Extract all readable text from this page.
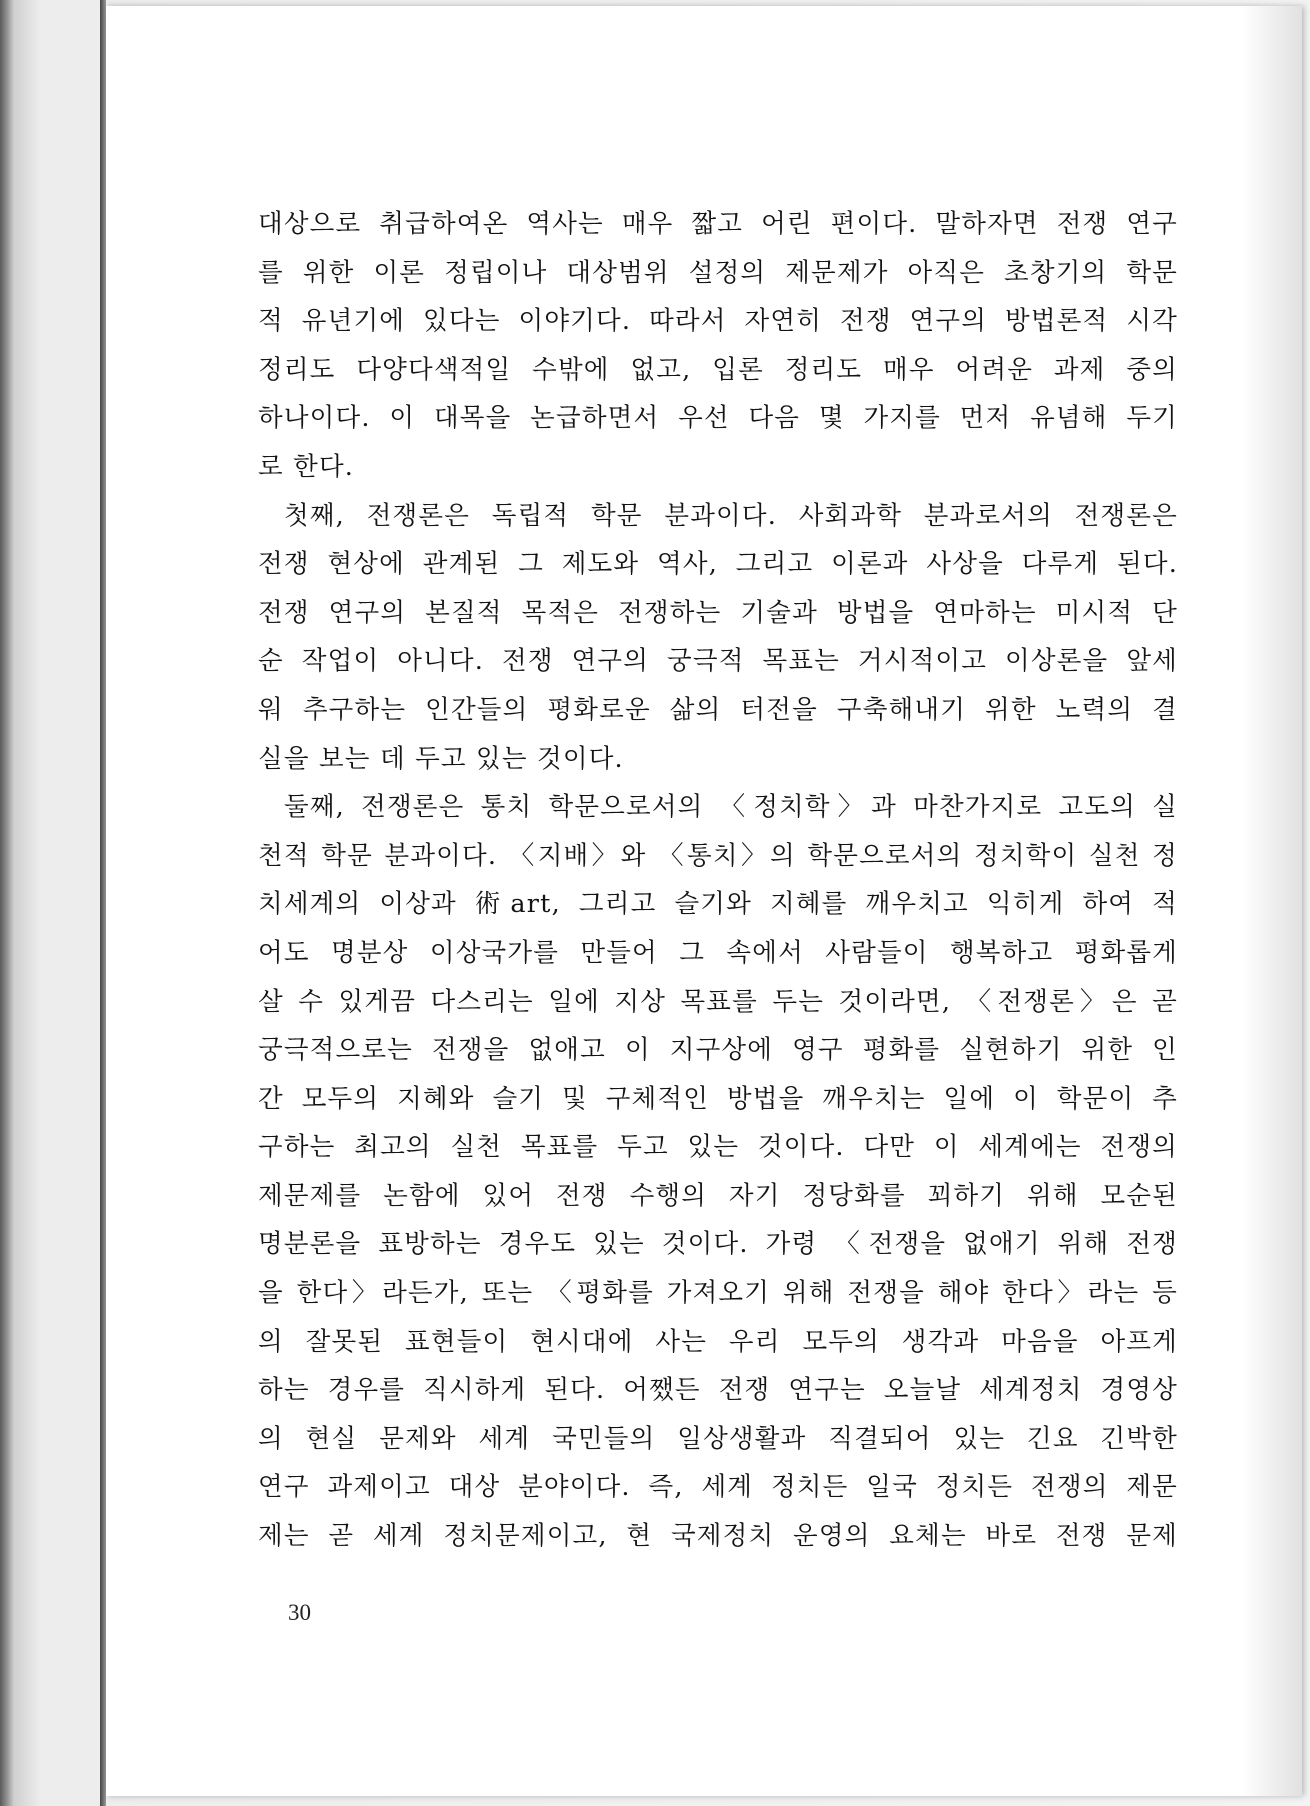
대상으로 취급하여온 역사는 매우 짧고 어린 편이다. 말하자면 전쟁 연구
를 위한 이론 정립이나 대상범위 설정의 제문제가 아직은 초창기의 학문
적 유년기에 있다는 이야기다. 따라서 자연히 전쟁 연구의 방법론적 시각
정리도 다양다색적일 수밖에 없고, 입론 정리도 매우 어려운 과제 중의
하나이다. 이 대목을 논급하면서 우선 다음 몇 가지를 먼저 유념해 두기
로 한다.
첫째, 전쟁론은 독립적 학문 분과이다. 사회과학 분과로서의 전쟁론은
전쟁 현상에 관계된 그 제도와 역사, 그리고 이론과 사상을 다루게 된다.
전쟁 연구의 본질적 목적은 전쟁하는 기술과 방법을 연마하는 미시적 단
순 작업이 아니다. 전쟁 연구의 궁극적 목표는 거시적이고 이상론을 앞세
워 추구하는 인간들의 평화로운 삶의 터전을 구축해내기 위한 노력의 결
실을 보는 데 두고 있는 것이다.
둘째, 전쟁론은 통치 학문으로서의 〈정치학〉과 마찬가지로 고도의 실
천적 학문 분과이다. 〈지배〉와 〈통치〉의 학문으로서의 정치학이 실천 정
치세계의 이상과 術art, 그리고 슬기와 지혜를 깨우치고 익히게 하여 적
어도 명분상 이상국가를 만들어 그 속에서 사람들이 행복하고 평화롭게
살 수 있게끔 다스리는 일에 지상 목표를 두는 것이라면, 〈전쟁론〉은 곧
궁극적으로는 전쟁을 없애고 이 지구상에 영구 평화를 실현하기 위한 인
간 모두의 지혜와 슬기 및 구체적인 방법을 깨우치는 일에 이 학문이 추
구하는 최고의 실천 목표를 두고 있는 것이다. 다만 이 세계에는 전쟁의
제문제를 논함에 있어 전쟁 수행의 자기 정당화를 꾀하기 위해 모순된
명분론을 표방하는 경우도 있는 것이다. 가령 〈전쟁을 없애기 위해 전쟁
을 한다〉라든가, 또는 〈평화를 가져오기 위해 전쟁을 해야 한다〉라는 등
의 잘못된 표현들이 현시대에 사는 우리 모두의 생각과 마음을 아프게
하는 경우를 직시하게 된다. 어쨌든 전쟁 연구는 오늘날 세계정치 경영상
의 현실 문제와 세계 국민들의 일상생활과 직결되어 있는 긴요 긴박한
연구 과제이고 대상 분야이다. 즉, 세계 정치든 일국 정치든 전쟁의 제문
제는 곧 세계 정치문제이고, 현 국제정치 운영의 요체는 바로 전쟁 문제
30
